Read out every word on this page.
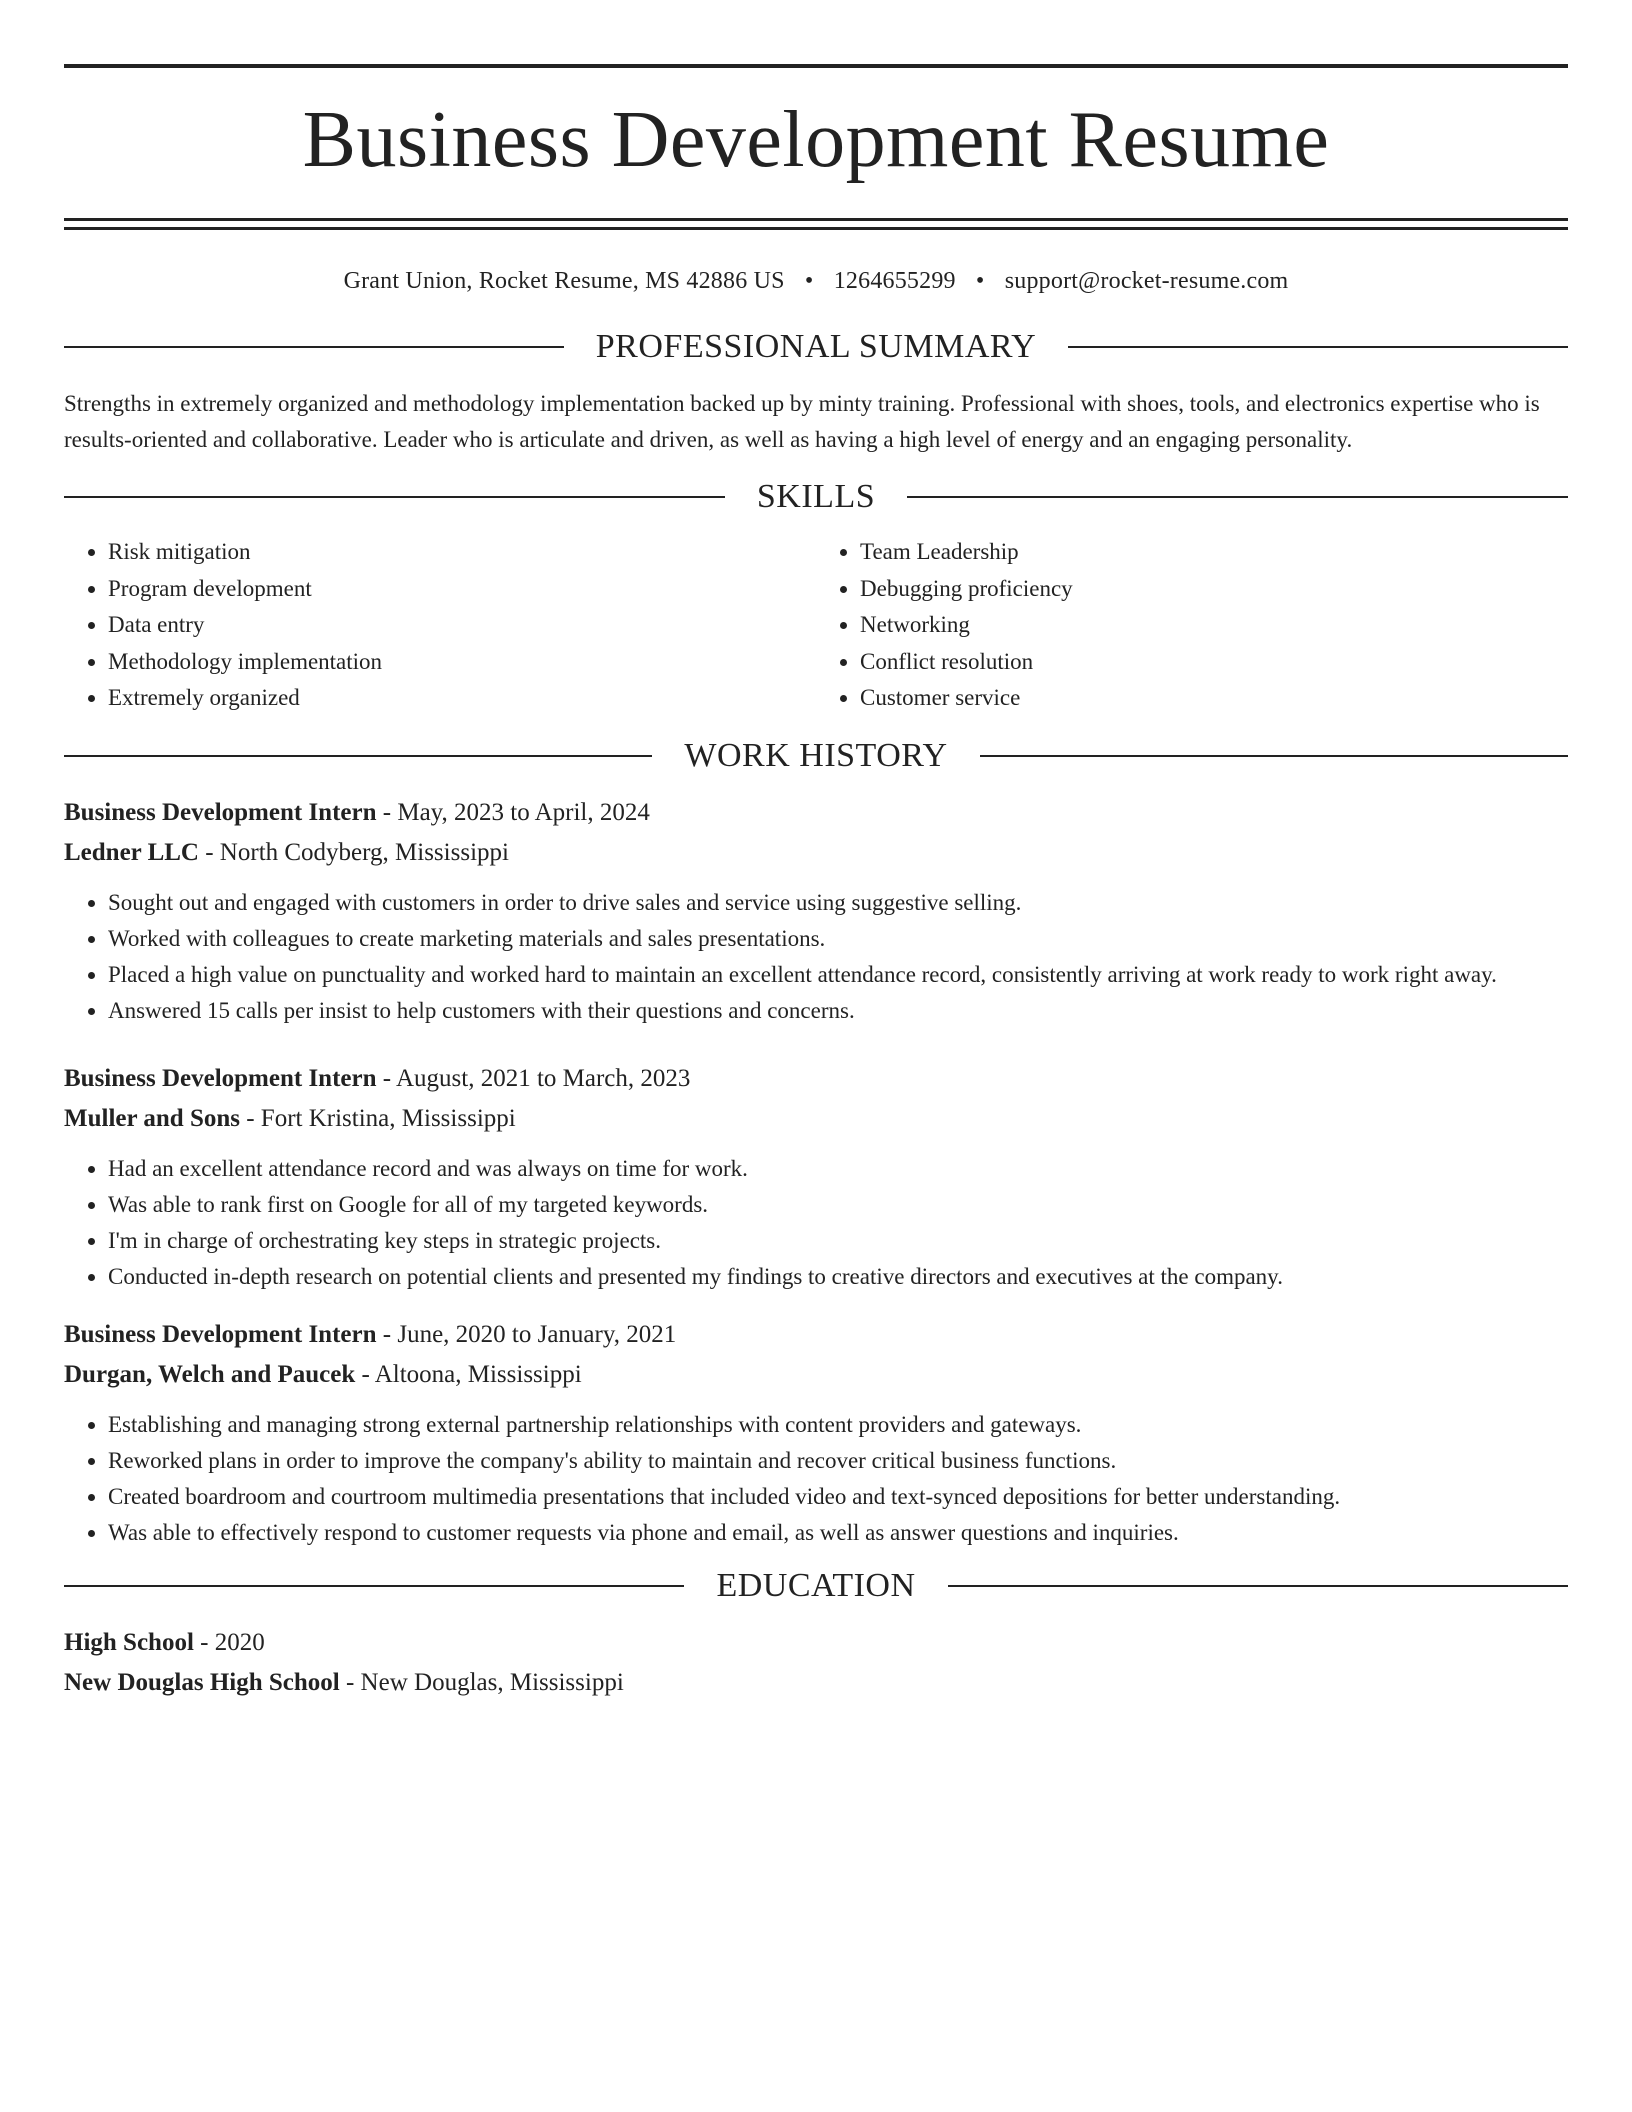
Business Development Resume
Grant Union, Rocket Resume, MS 42886 US • 1264655299 • support@rocket-resume.com
PROFESSIONAL SUMMARY

Strengths in extremely organized and methodology implementation backed up by minty training. Professional with shoes, tools, and electronics expertise who is results-oriented and collaborative. Leader who is articulate and driven, as well as having a high level of energy and an engaging personality.

SKILLS
• Risk mitigation
• Program development
• Data entry
• Methodology implementation
• Extremely organized
• Team Leadership
• Debugging proficiency
• Networking
• Conflict resolution
• Customer service
WORK HISTORY
Business Development Intern - May, 2023 to April, 2024
Ledner LLC - North Codyberg, Mississippi
• Sought out and engaged with customers in order to drive sales and service using suggestive selling.
• Worked with colleagues to create marketing materials and sales presentations.
• Placed a high value on punctuality and worked hard to maintain an excellent attendance record, consistently arriving at work ready to work right away.
• Answered 15 calls per insist to help customers with their questions and concerns.
Business Development Intern - August, 2021 to March, 2023
Muller and Sons - Fort Kristina, Mississippi
• Had an excellent attendance record and was always on time for work.
• Was able to rank first on Google for all of my targeted keywords.
• I'm in charge of orchestrating key steps in strategic projects.
• Conducted in-depth research on potential clients and presented my findings to creative directors and executives at the company.
Business Development Intern - June, 2020 to January, 2021
Durgan, Welch and Paucek - Altoona, Mississippi
• Establishing and managing strong external partnership relationships with content providers and gateways.
• Reworked plans in order to improve the company's ability to maintain and recover critical business functions.
• Created boardroom and courtroom multimedia presentations that included video and text-synced depositions for better understanding.
• Was able to effectively respond to customer requests via phone and email, as well as answer questions and inquiries.
EDUCATION
High School - 2020
New Douglas High School - New Douglas, Mississippi
